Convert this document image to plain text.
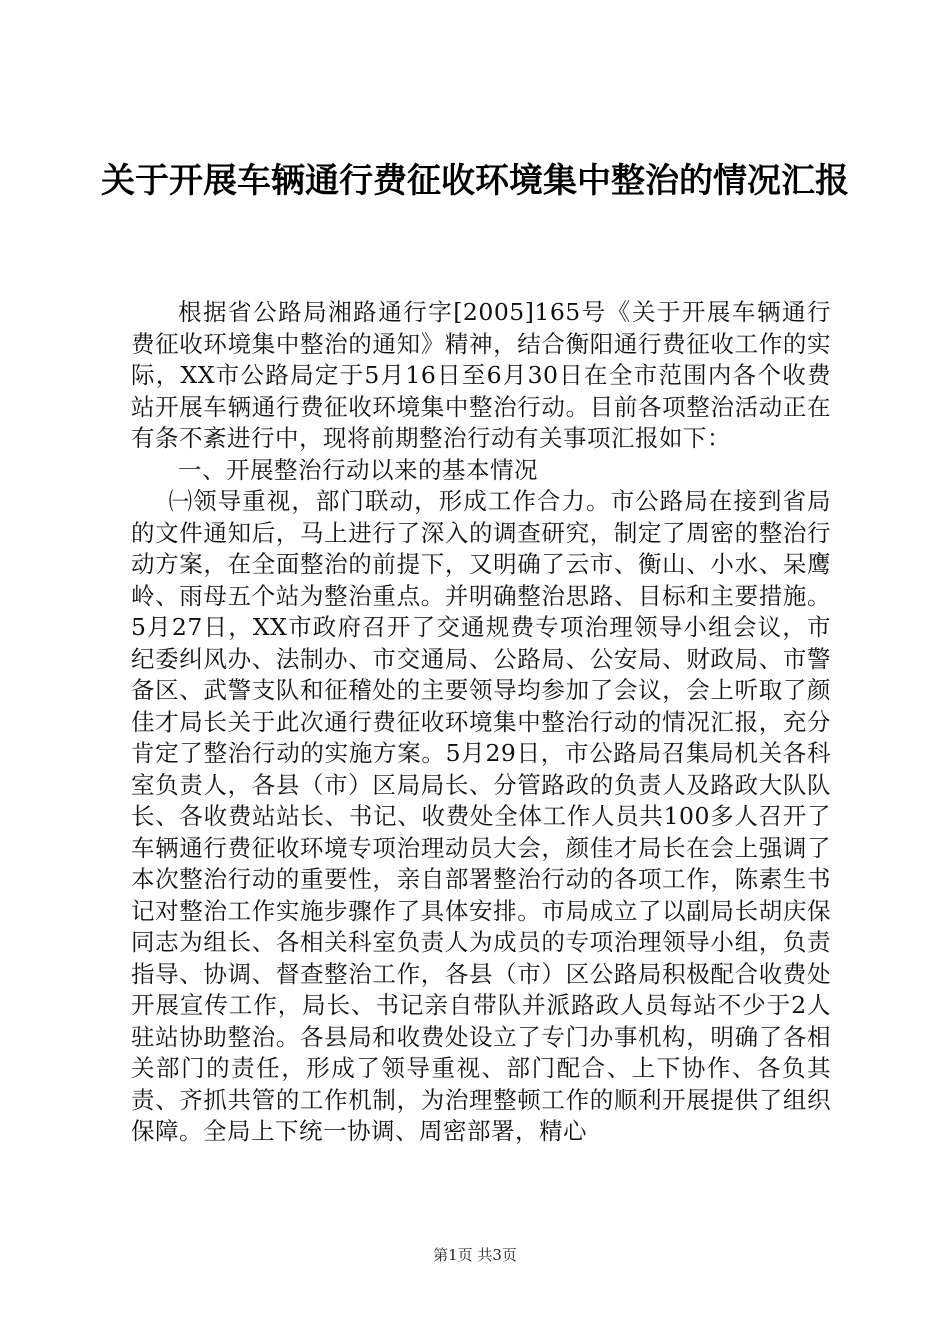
关于开展车辆通行费征收环境集中整治的情况汇报

根据省公路局湘路通行字[2005]165号《关于开展车辆通行费征收环境集中整治的通知》精神，结合衡阳通行费征收工作的实际，XX市公路局定于5月16日至6月30日在全市范围内各个收费站开展车辆通行费征收环境集中整治行动。目前各项整治活动正在有条不紊进行中，现将前期整治行动有关事项汇报如下：

一、开展整治行动以来的基本情况

㈠领导重视，部门联动，形成工作合力。市公路局在接到省局的文件通知后，马上进行了深入的调查研究，制定了周密的整治行动方案，在全面整治的前提下，又明确了云市、衡山、小水、呆鹰岭、雨母五个站为整治重点。并明确整治思路、目标和主要措施。5月27日，XX市政府召开了交通规费专项治理领导小组会议，市纪委纠风办、法制办、市交通局、公路局、公安局、财政局、市警备区、武警支队和征稽处的主要领导均参加了会议，会上听取了颜佳才局长关于此次通行费征收环境集中整治行动的情况汇报，充分肯定了整治行动的实施方案。5月29日，市公路局召集局机关各科室负责人，各县（市）区局局长、分管路政的负责人及路政大队队长、各收费站站长、书记、收费处全体工作人员共100多人召开了车辆通行费征收环境专项治理动员大会，颜佳才局长在会上强调了本次整治行动的重要性，亲自部署整治行动的各项工作，陈素生书记对整治工作实施步骤作了具体安排。市局成立了以副局长胡庆保同志为组长、各相关科室负责人为成员的专项治理领导小组，负责指导、协调、督查整治工作，各县（市）区公路局积极配合收费处开展宣传工作，局长、书记亲自带队并派路政人员每站不少于2人驻站协助整治。各县局和收费处设立了专门办事机构，明确了各相关部门的责任，形成了领导重视、部门配合、上下协作、各负其责、齐抓共管的工作机制，为治理整顿工作的顺利开展提供了组织保障。全局上下统一协调、周密部署，精心

第1页 共3页
